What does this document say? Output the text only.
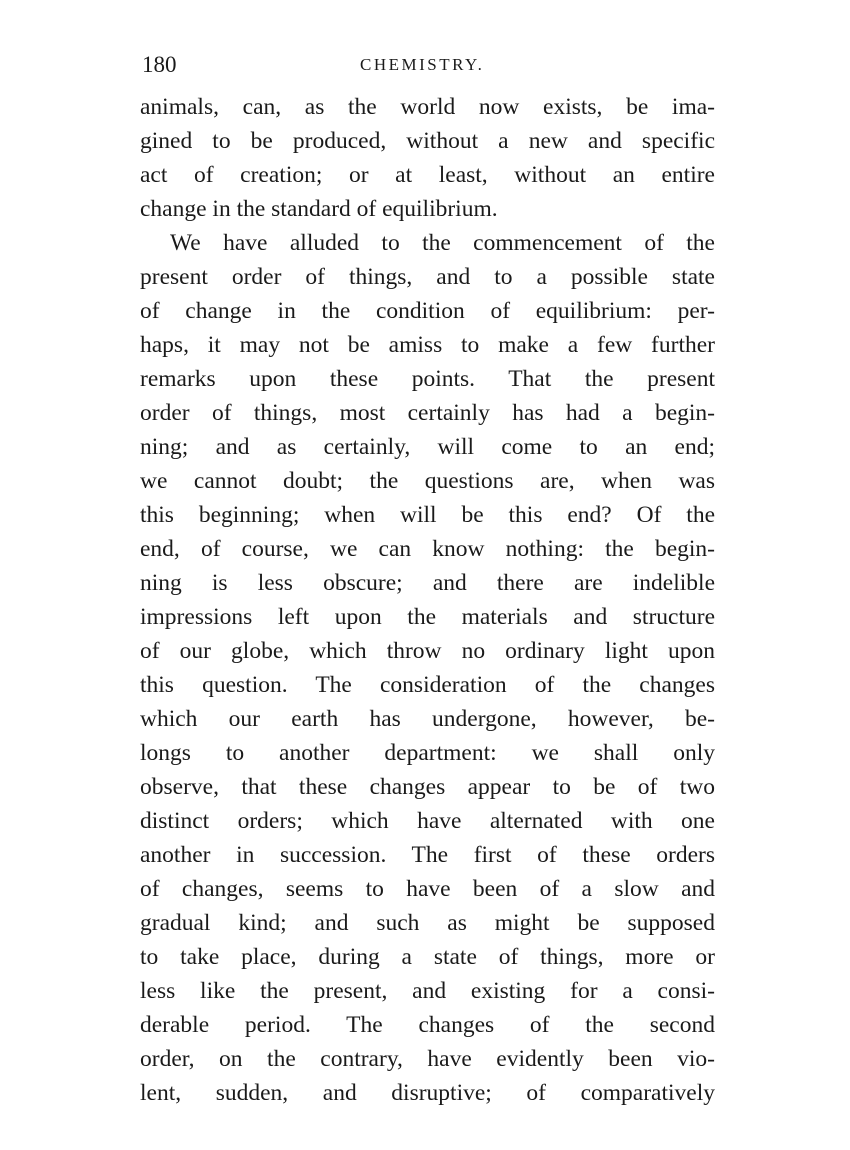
180	CHEMISTRY.
animals, can, as the world now exists, be ima-
gined to be produced, without a new and specific
act of creation; or at least, without an entire
change in the standard of equilibrium.
We have alluded to the commencement of the
present order of things, and to a possible state
of change in the condition of equilibrium: per-
haps, it may not be amiss to make a few further
remarks upon these points. That the present
order of things, most certainly has had a begin-
ning; and as certainly, will come to an end;
we cannot doubt; the questions are, when was
this beginning; when will be this end? Of the
end, of course, we can know nothing: the begin-
ning is less obscure; and there are indelible
impressions left upon the materials and structure
of our globe, which throw no ordinary light upon
this question. The consideration of the changes
which our earth has undergone, however, be-
longs to another department: we shall only
observe, that these changes appear to be of two
distinct orders; which have alternated with one
another in succession. The first of these orders
of changes, seems to have been of a slow and
gradual kind; and such as might be supposed
to take place, during a state of things, more or
less like the present, and existing for a consi-
derable period. The changes of the second
order, on the contrary, have evidently been vio-
lent, sudden, and disruptive; of comparatively
